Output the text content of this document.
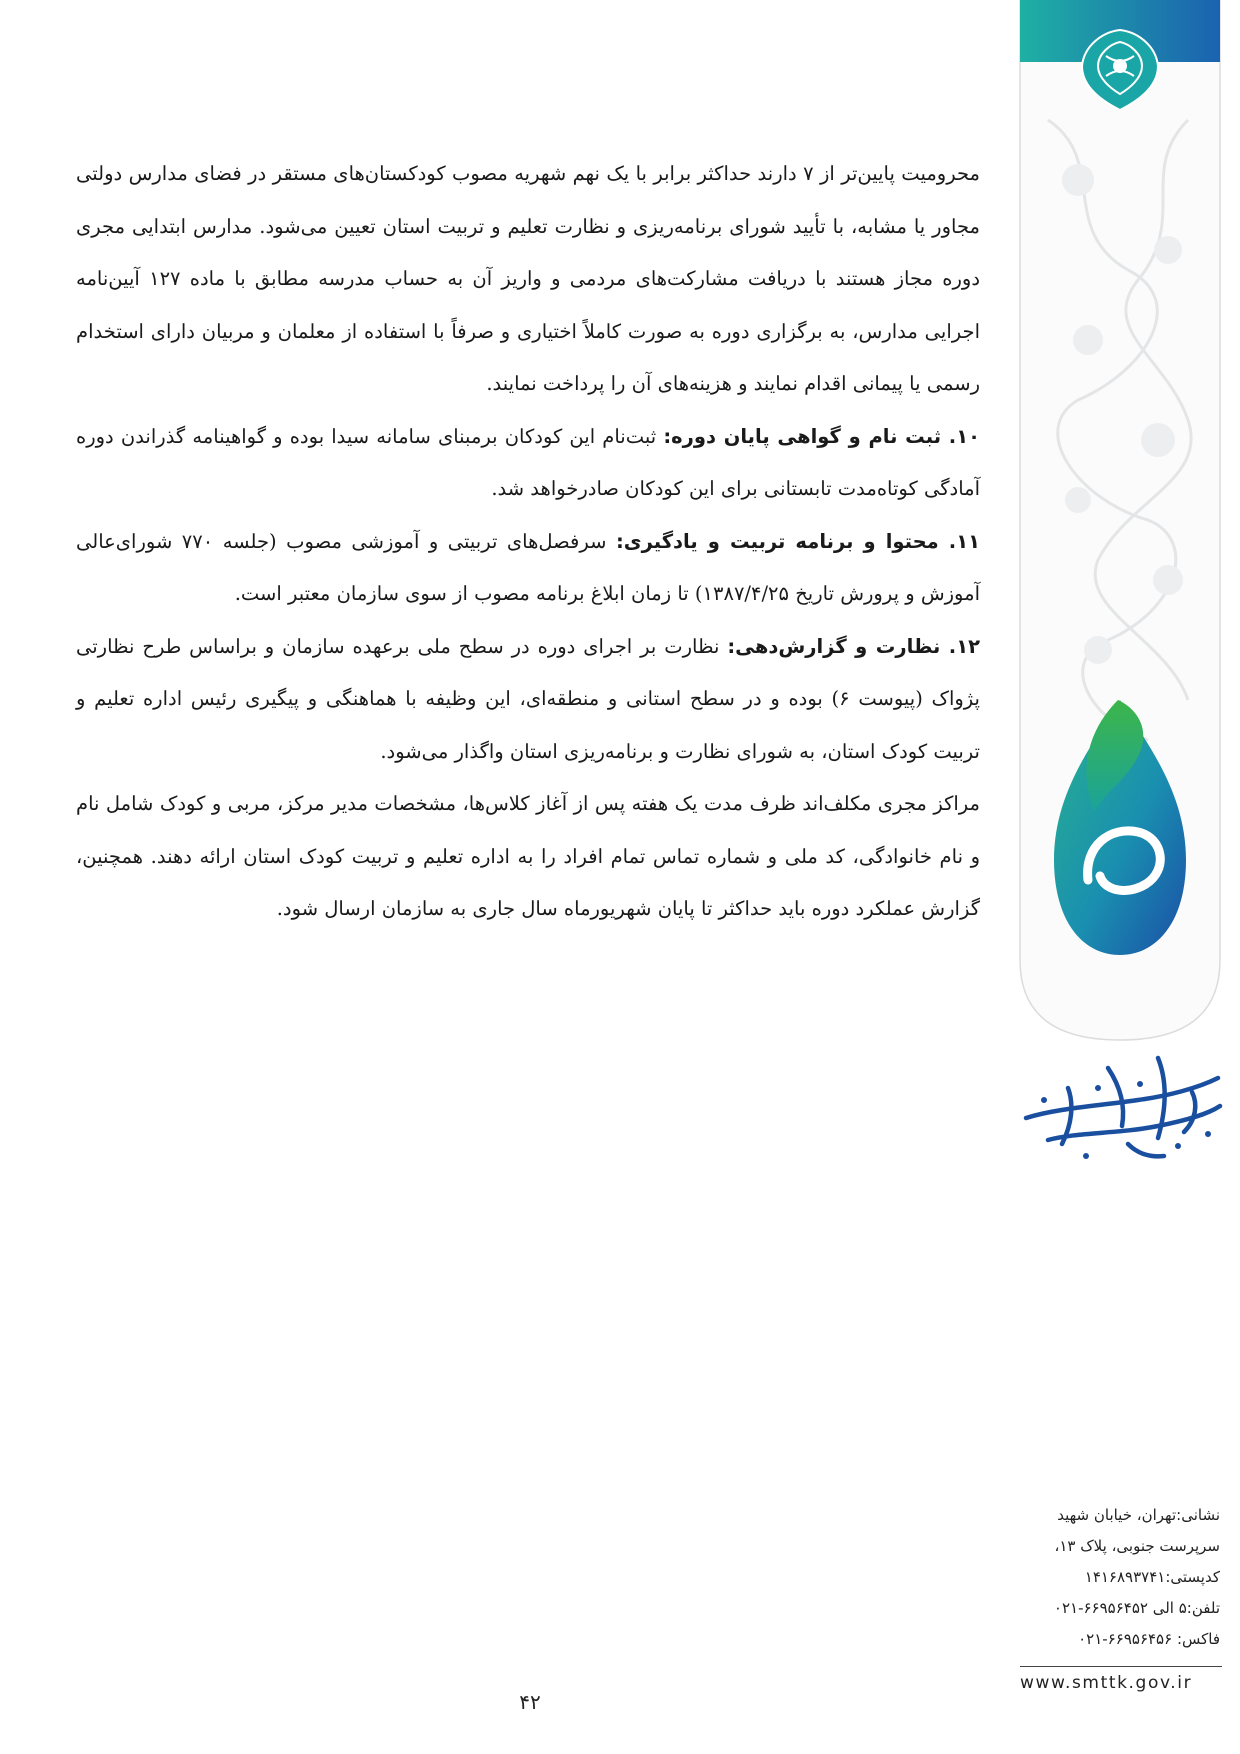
محرومیت پایین‌تر از ۷ دارند حداکثر برابر با یک نهم شهریه مصوب کودکستان‌های مستقر در فضای مدارس دولتی مجاور یا مشابه، با تأیید شورای برنامه‌ریزی و نظارت تعلیم و تربیت استان تعیین می‌شود. مدارس ابتدایی مجری دوره مجاز هستند با دریافت مشارکت‌های مردمی و واریز آن به حساب مدرسه مطابق با ماده ۱۲۷ آیین‌نامه اجرایی مدارس، به برگزاری دوره به صورت کاملاً اختیاری و صرفاً با استفاده از معلمان و مربیان دارای استخدام رسمی یا پیمانی اقدام نمایند و هزینه‌های آن را پرداخت نمایند.

۱۰. ثبت نام و گواهی پایان دوره: ثبت‌نام این کودکان برمبنای سامانه سیدا بوده و گواهینامه گذراندن دوره آمادگی کوتاه‌مدت تابستانی برای این کودکان صادرخواهد شد.

۱۱. محتوا و برنامه تربیت و یادگیری: سرفصل‌های تربیتی و آموزشی مصوب (جلسه ۷۷۰ شورای‌عالی آموزش و پرورش تاریخ ۱۳۸۷/۴/۲۵) تا زمان ابلاغ برنامه مصوب از سوی سازمان معتبر است.

۱۲. نظارت و گزارش‌دهی: نظارت بر اجرای دوره در سطح ملی برعهده سازمان و براساس طرح نظارتی پژواک (پیوست ۶) بوده و در سطح استانی و منطقه‌ای، این وظیفه با هماهنگی و پیگیری رئیس اداره تعلیم و تربیت کودک استان، به شورای نظارت و برنامه‌ریزی استان واگذار می‌شود.

مراکز مجری مکلف‌اند ظرف مدت یک هفته پس از آغاز کلاس‌ها، مشخصات مدیر مرکز، مربی و کودک شامل نام و نام خانوادگی، کد ملی و شماره تماس تمام افراد را به اداره تعلیم و تربیت کودک استان ارائه دهند. همچنین، گزارش عملکرد دوره باید حداکثر تا پایان شهریورماه سال جاری به سازمان ارسال شود.

نشانی:تهران، خیابان شهید
سرپرست جنوبی، پلاک ۱۳،
کدپستی:۱۴۱۶۸۹۳۷۴۱
تلفن:۵ الی ۶۶۹۵۶۴۵۲-۰۲۱
فاکس: ۶۶۹۵۶۴۵۶-۰۲۱
www.smttk.gov.ir
۴۲
